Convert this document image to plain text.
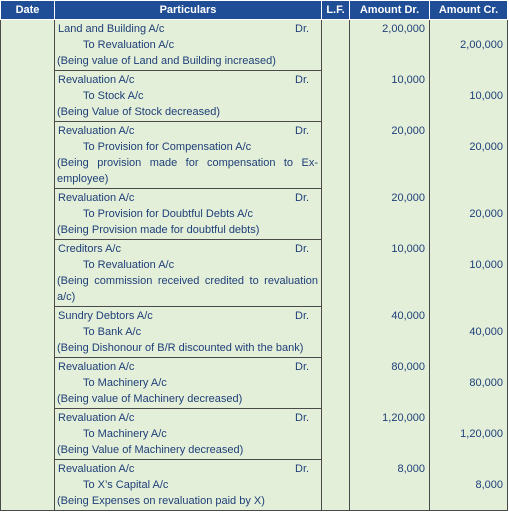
Date	Particulars	L.F.	Amount Dr.	Amount Cr.

	Land and Building A/c Dr.
To Revaluation A/c
(Being value of Land and Building increased)		2,00,000	2,00,000

	Revaluation A/c Dr.
To Stock A/c
(Being Value of Stock decreased)		10,000	10,000

	Revaluation A/c Dr.
To Provision for Compensation A/c
(Being provision made for compensation to Ex-employee)		20,000	20,000

	Revaluation A/c Dr.
To Provision for Doubtful Debts A/c
(Being Provision made for doubtful debts)		20,000	20,000

	Creditors A/c Dr.
To Revaluation A/c
(Being commission received credited to revaluation a/c)		10,000	10,000

	Sundry Debtors A/c Dr.
To Bank A/c
(Being Dishonour of B/R discounted with the bank)		40,000	40,000

	Revaluation A/c Dr.
To Machinery A/c
(Being value of Machinery decreased)		80,000	80,000

	Revaluation A/c Dr.
To Machinery A/c
(Being Value of Machinery decreased)		1,20,000	1,20,000

	Revaluation A/c Dr.
To X’s Capital A/c
(Being Expenses on revaluation paid by X)		8,000	8,000
